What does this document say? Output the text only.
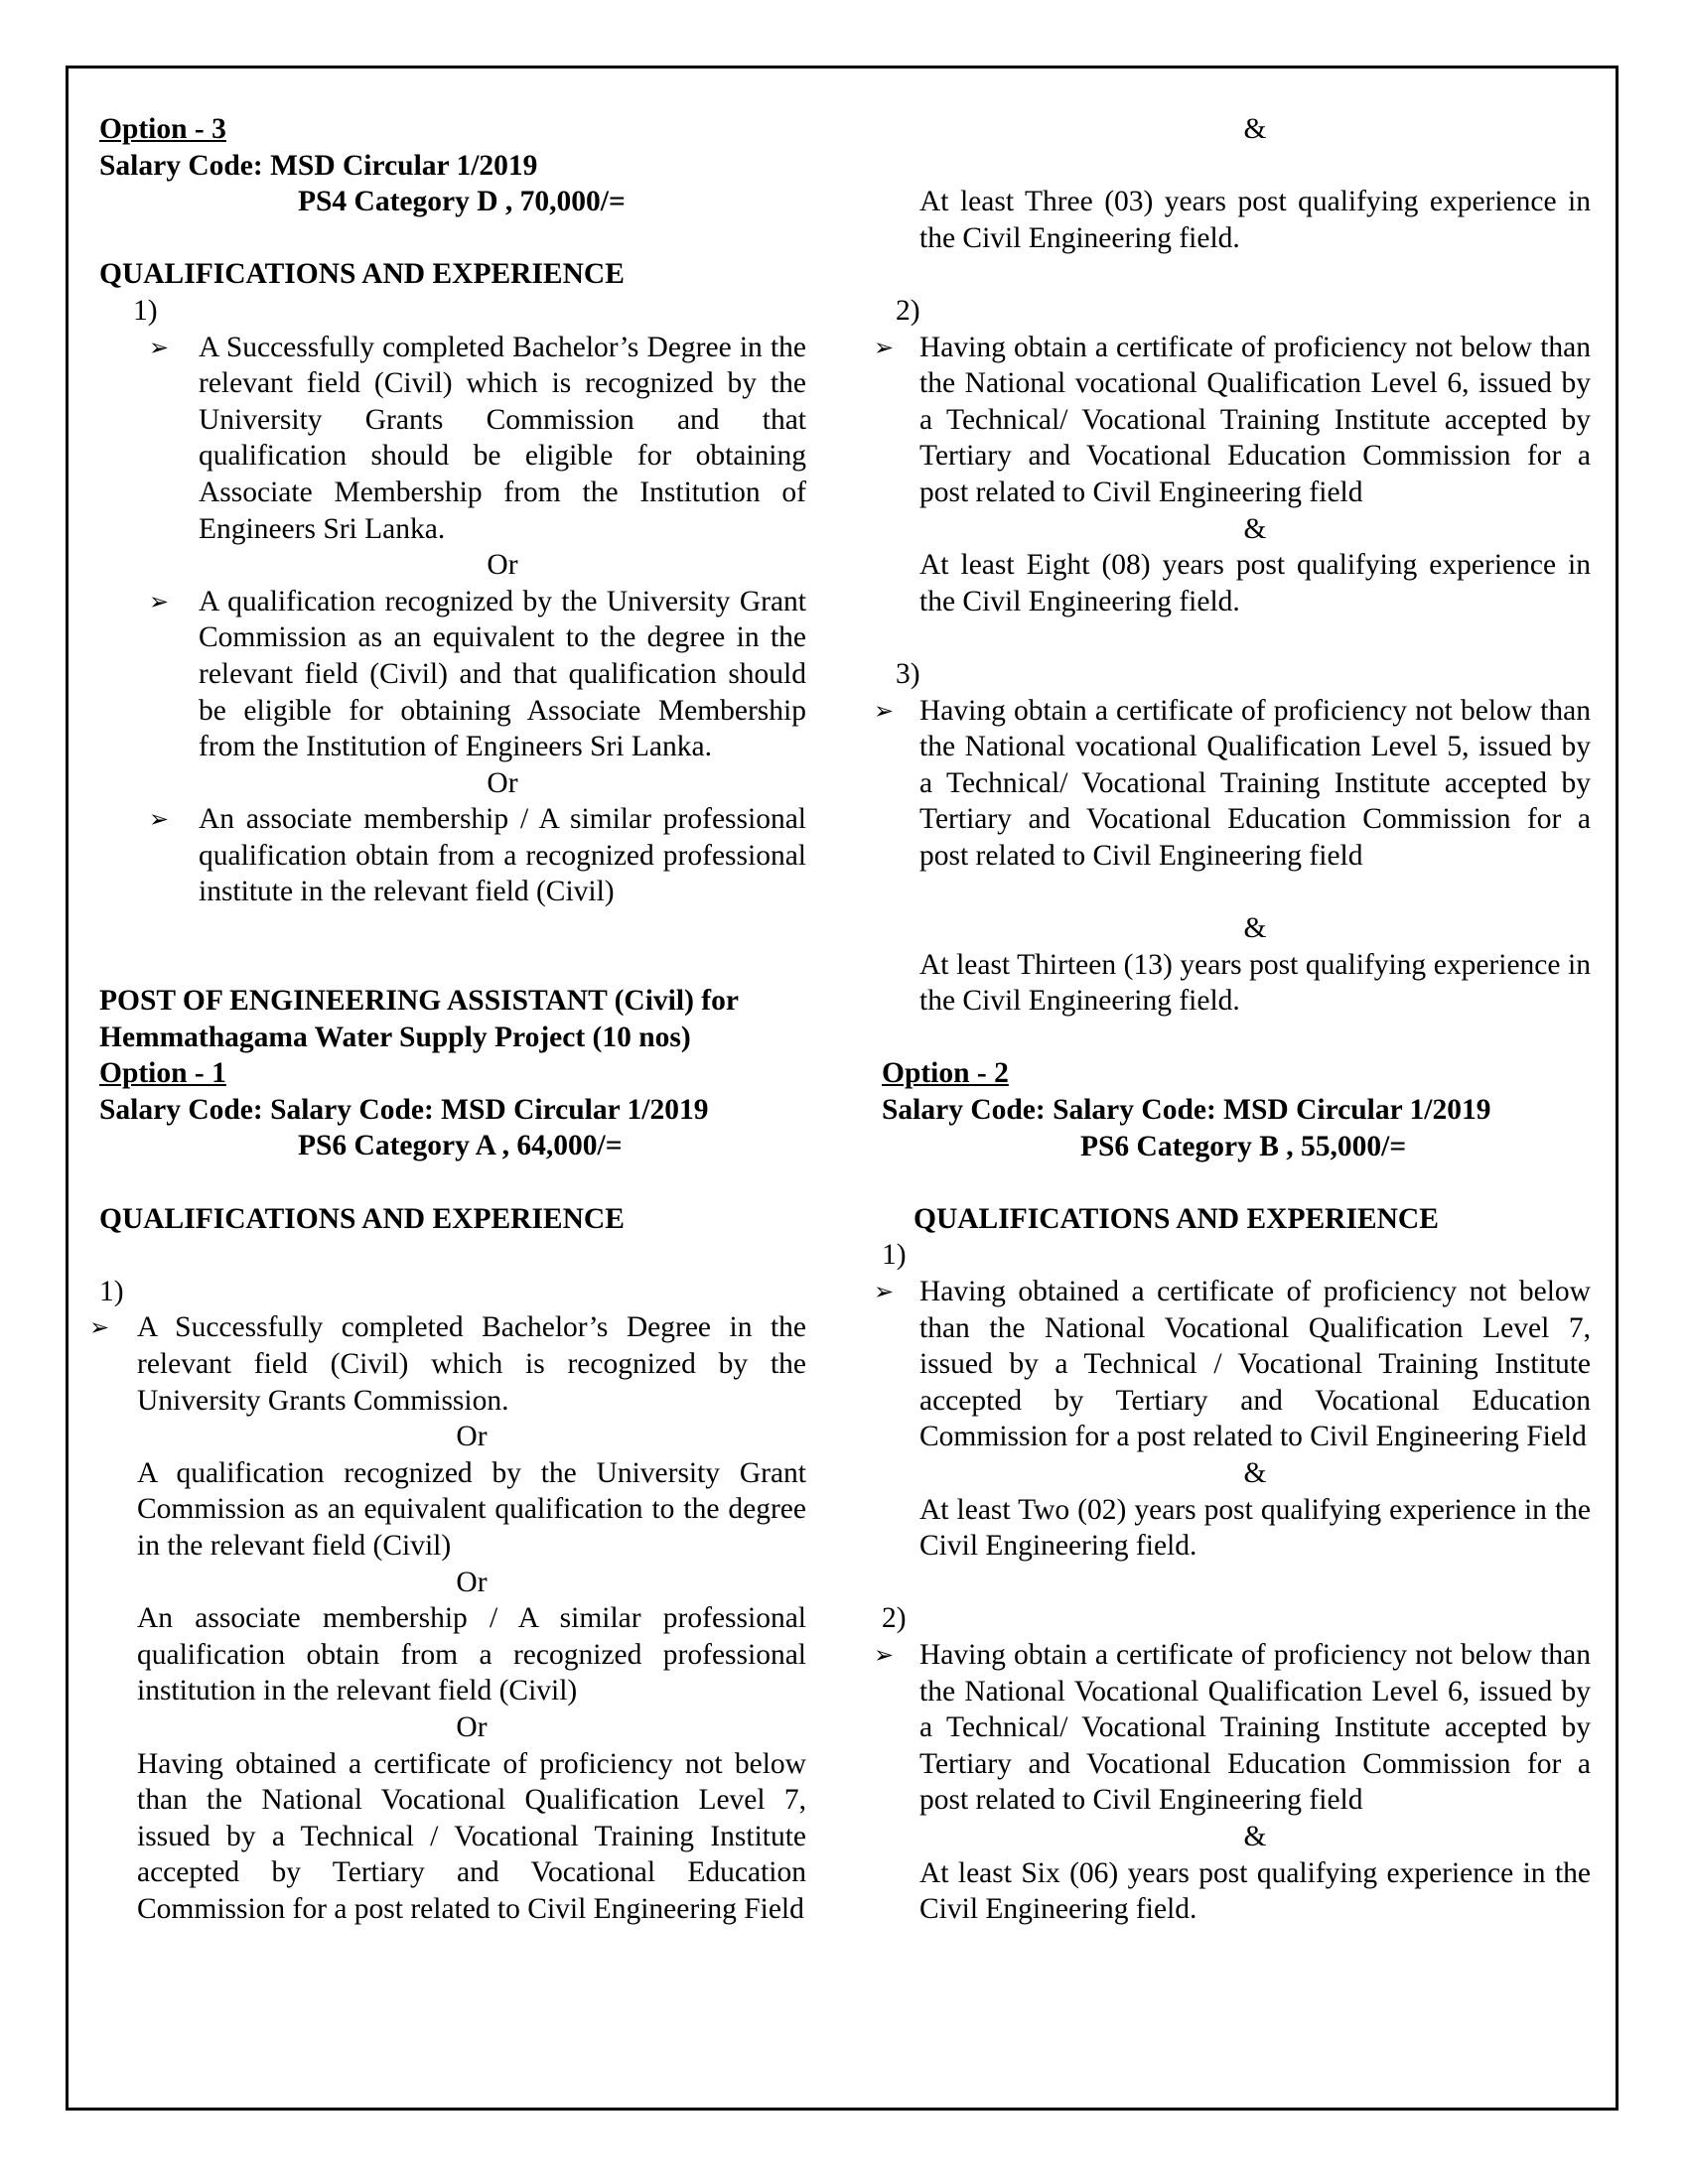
Option - 3
Salary Code: MSD Circular 1/2019
PS4 Category D , 70,000/=
QUALIFICATIONS AND EXPERIENCE
1)
➢ A Successfully completed Bachelor’s Degree in the relevant field (Civil) which is recognized by the University Grants Commission and that qualification should be eligible for obtaining Associate Membership from the Institution of Engineers Sri Lanka.
Or
➢ A qualification recognized by the University Grant Commission as an equivalent to the degree in the relevant field (Civil) and that qualification should be eligible for obtaining Associate Membership from the Institution of Engineers Sri Lanka.
Or
➢ An associate membership / A similar professional qualification obtain from a recognized professional institute in the relevant field (Civil)
POST OF ENGINEERING ASSISTANT (Civil) for
Hemmathagama Water Supply Project (10 nos)
Option - 1
Salary Code: Salary Code: MSD Circular 1/2019
PS6 Category A , 64,000/=
QUALIFICATIONS AND EXPERIENCE
1)
➢ A Successfully completed Bachelor’s Degree in the relevant field (Civil) which is recognized by the University Grants Commission.
Or
A qualification recognized by the University Grant Commission as an equivalent qualification to the degree in the relevant field (Civil)
Or
An associate membership / A similar professional qualification obtain from a recognized professional institution in the relevant field (Civil)
Or
Having obtained a certificate of proficiency not below than the National Vocational Qualification Level 7, issued by a Technical / Vocational Training Institute accepted by Tertiary and Vocational Education Commission for a post related to Civil Engineering Field
&
At least Three (03) years post qualifying experience in the Civil Engineering field.
2)
➢ Having obtain a certificate of proficiency not below than the National vocational Qualification Level 6, issued by a Technical/ Vocational Training Institute accepted by Tertiary and Vocational Education Commission for a post related to Civil Engineering field
&
At least Eight (08) years post qualifying experience in the Civil Engineering field.
3)
➢ Having obtain a certificate of proficiency not below than the National vocational Qualification Level 5, issued by a Technical/ Vocational Training Institute accepted by Tertiary and Vocational Education Commission for a post related to Civil Engineering field
&
At least Thirteen (13) years post qualifying experience in the Civil Engineering field.
Option - 2
Salary Code: Salary Code: MSD Circular 1/2019
PS6 Category B , 55,000/=
QUALIFICATIONS AND EXPERIENCE
1)
➢ Having obtained a certificate of proficiency not below than the National Vocational Qualification Level 7, issued by a Technical / Vocational Training Institute accepted by Tertiary and Vocational Education Commission for a post related to Civil Engineering Field
&
At least Two (02) years post qualifying experience in the Civil Engineering field.
2)
➢ Having obtain a certificate of proficiency not below than the National Vocational Qualification Level 6, issued by a Technical/ Vocational Training Institute accepted by Tertiary and Vocational Education Commission for a post related to Civil Engineering field
&
At least Six (06) years post qualifying experience in the Civil Engineering field.
